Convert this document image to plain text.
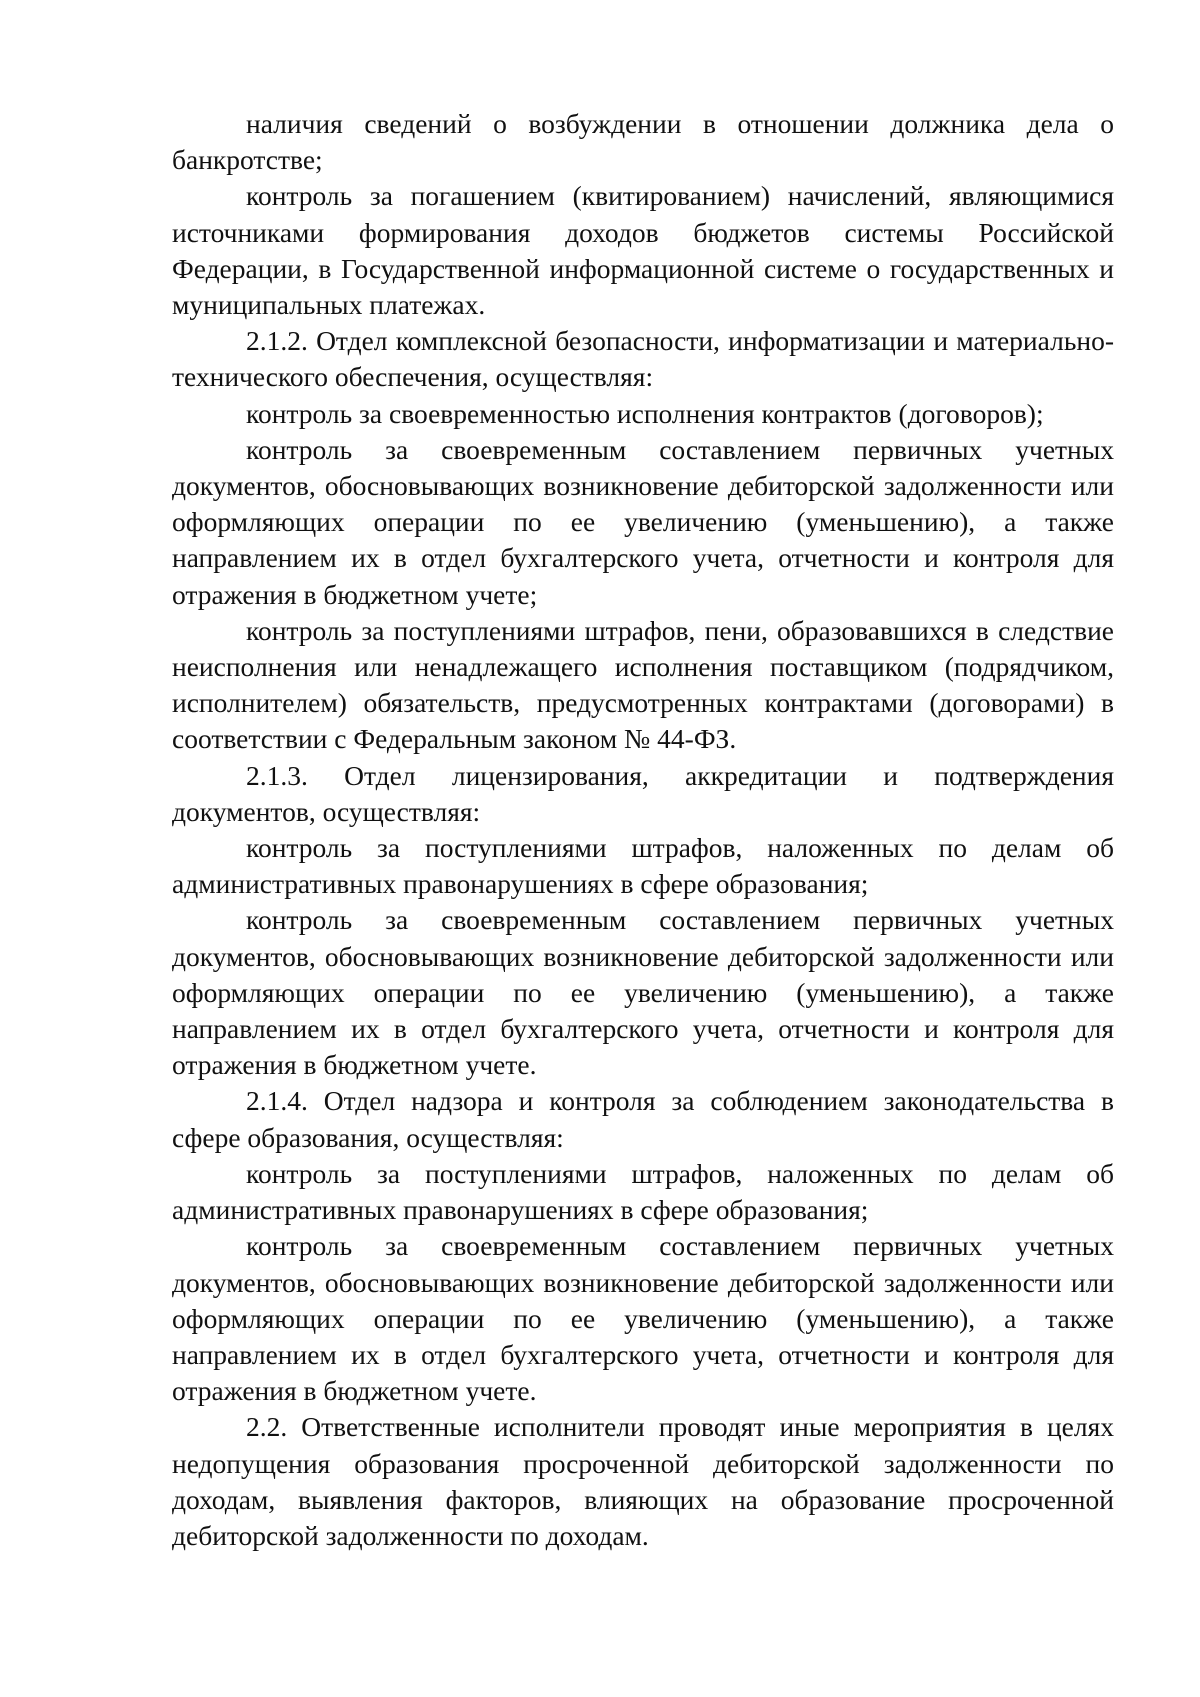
наличия сведений о возбуждении в отношении должника дела о банкротстве;

контроль за погашением (квитированием) начислений, являющимися источниками формирования доходов бюджетов системы Российской Федерации, в Государственной информационной системе о государственных и муниципальных платежах.

2.1.2. Отдел комплексной безопасности, информатизации и материально-технического обеспечения, осуществляя:

контроль за своевременностью исполнения контрактов (договоров);

контроль за своевременным составлением первичных учетных документов, обосновывающих возникновение дебиторской задолженности или оформляющих операции по ее увеличению (уменьшению), а также направлением их в отдел бухгалтерского учета, отчетности и контроля для отражения в бюджетном учете;

контроль за поступлениями штрафов, пени, образовавшихся в следствие неисполнения или ненадлежащего исполнения поставщиком (подрядчиком, исполнителем) обязательств, предусмотренных контрактами (договорами) в соответствии с Федеральным законом № 44-ФЗ.

2.1.3. Отдел лицензирования, аккредитации и подтверждения документов, осуществляя:

контроль за поступлениями штрафов, наложенных по делам об административных правонарушениях в сфере образования;

контроль за своевременным составлением первичных учетных документов, обосновывающих возникновение дебиторской задолженности или оформляющих операции по ее увеличению (уменьшению), а также направлением их в отдел бухгалтерского учета, отчетности и контроля для отражения в бюджетном учете.

2.1.4. Отдел надзора и контроля за соблюдением законодательства в сфере образования, осуществляя:

контроль за поступлениями штрафов, наложенных по делам об административных правонарушениях в сфере образования;

контроль за своевременным составлением первичных учетных документов, обосновывающих возникновение дебиторской задолженности или оформляющих операции по ее увеличению (уменьшению), а также направлением их в отдел бухгалтерского учета, отчетности и контроля для отражения в бюджетном учете.

2.2. Ответственные исполнители проводят иные мероприятия в целях недопущения образования просроченной дебиторской задолженности по доходам, выявления факторов, влияющих на образование просроченной дебиторской задолженности по доходам.
